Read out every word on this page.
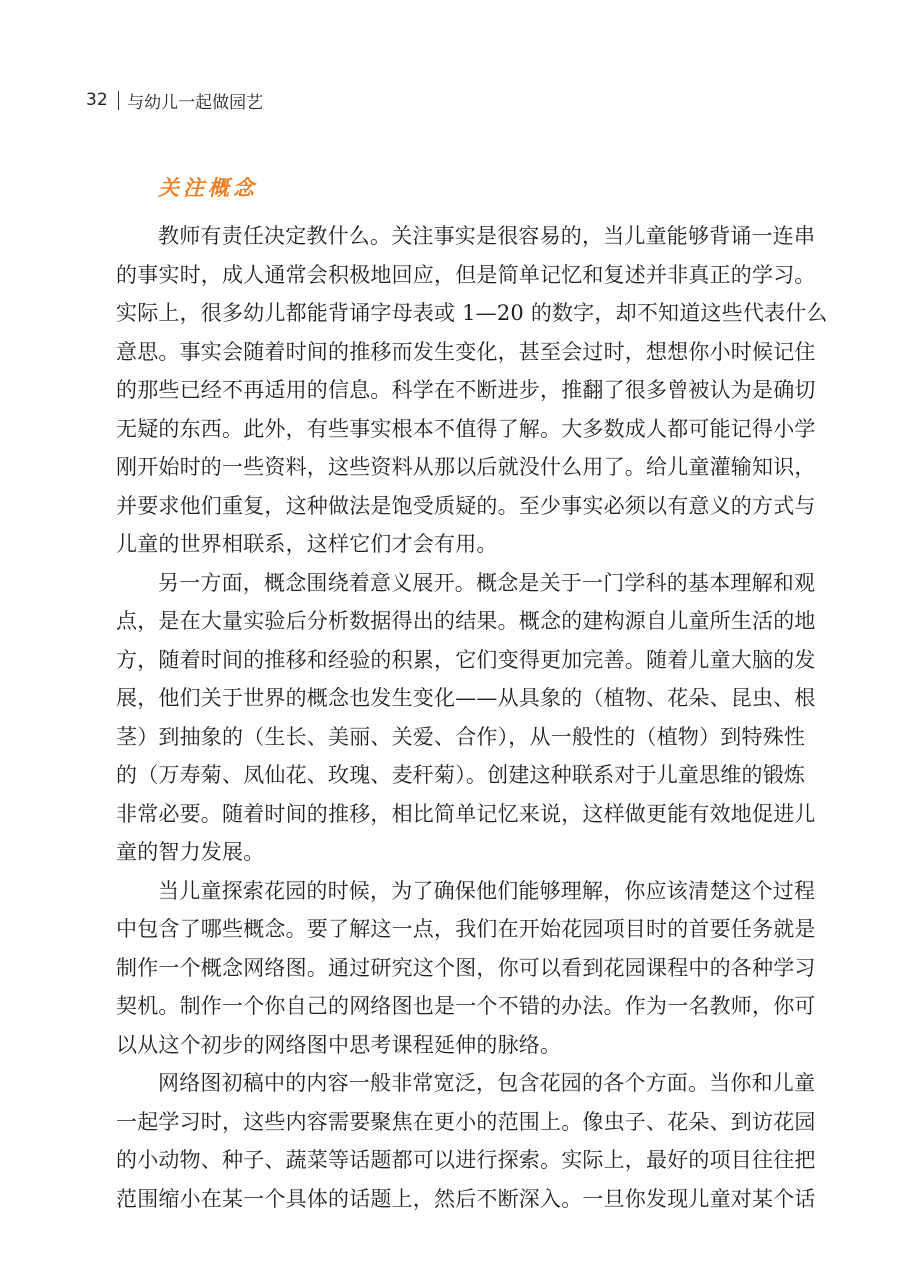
32 与幼儿一起做园艺
关注概念
教师有责任决定教什么。关注事实是很容易的，当儿童能够背诵一连串
的事实时，成人通常会积极地回应，但是简单记忆和复述并非真正的学习。
实际上，很多幼儿都能背诵字母表或 1—20 的数字，却不知道这些代表什么
意思。事实会随着时间的推移而发生变化，甚至会过时，想想你小时候记住
的那些已经不再适用的信息。科学在不断进步，推翻了很多曾被认为是确切
无疑的东西。此外，有些事实根本不值得了解。大多数成人都可能记得小学
刚开始时的一些资料，这些资料从那以后就没什么用了。给儿童灌输知识，
并要求他们重复，这种做法是饱受质疑的。至少事实必须以有意义的方式与
儿童的世界相联系，这样它们才会有用。
另一方面，概念围绕着意义展开。概念是关于一门学科的基本理解和观
点，是在大量实验后分析数据得出的结果。概念的建构源自儿童所生活的地
方，随着时间的推移和经验的积累，它们变得更加完善。随着儿童大脑的发
展，他们关于世界的概念也发生变化——从具象的（植物、花朵、昆虫、根
茎）到抽象的（生长、美丽、关爱、合作），从一般性的（植物）到特殊性
的（万寿菊、凤仙花、玫瑰、麦秆菊）。创建这种联系对于儿童思维的锻炼
非常必要。随着时间的推移，相比简单记忆来说，这样做更能有效地促进儿
童的智力发展。
当儿童探索花园的时候，为了确保他们能够理解，你应该清楚这个过程
中包含了哪些概念。要了解这一点，我们在开始花园项目时的首要任务就是
制作一个概念网络图。通过研究这个图，你可以看到花园课程中的各种学习
契机。制作一个你自己的网络图也是一个不错的办法。作为一名教师，你可
以从这个初步的网络图中思考课程延伸的脉络。
网络图初稿中的内容一般非常宽泛，包含花园的各个方面。当你和儿童
一起学习时，这些内容需要聚焦在更小的范围上。像虫子、花朵、到访花园
的小动物、种子、蔬菜等话题都可以进行探索。实际上，最好的项目往往把
范围缩小在某一个具体的话题上，然后不断深入。一旦你发现儿童对某个话
